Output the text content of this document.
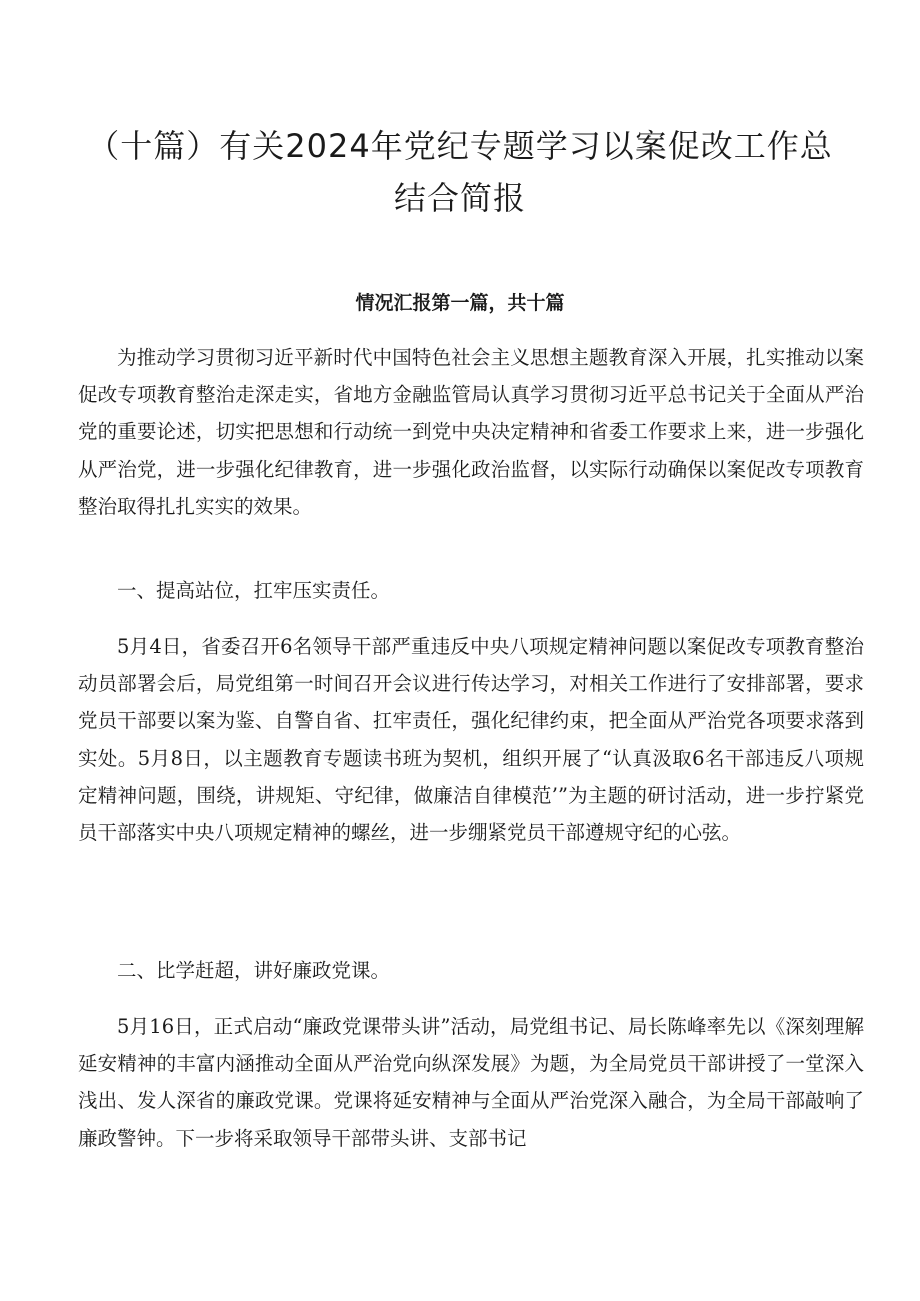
（十篇）有关2024年党纪专题学习以案促改工作总
结合简报
情况汇报第一篇，共十篇

为推动学习贯彻习近平新时代中国特色社会主义思想主题教育深入开展，扎实推动以案促改专项教育整治走深走实，省地方金融监管局认真学习贯彻习近平总书记关于全面从严治党的重要论述，切实把思想和行动统一到党中央决定精神和省委工作要求上来，进一步强化从严治党，进一步强化纪律教育，进一步强化政治监督，以实际行动确保以案促改专项教育整治取得扎扎实实的效果。

一、提高站位，扛牢压实责任。

5月4日，省委召开6名领导干部严重违反中央八项规定精神问题以案促改专项教育整治动员部署会后，局党组第一时间召开会议进行传达学习，对相关工作进行了安排部署，要求党员干部要以案为鉴、自警自省、扛牢责任，强化纪律约束，把全面从严治党各项要求落到实处。5月8日，以主题教育专题读书班为契机，组织开展了“认真汲取6名干部违反八项规定精神问题，围绕，讲规矩、守纪律，做廉洁自律模范’”为主题的研讨活动，进一步拧紧党员干部落实中央八项规定精神的螺丝，进一步绷紧党员干部遵规守纪的心弦。

二、比学赶超，讲好廉政党课。

5月16日，正式启动“廉政党课带头讲”活动，局党组书记、局长陈峰率先以《深刻理解延安精神的丰富内涵推动全面从严治党向纵深发展》为题，为全局党员干部讲授了一堂深入浅出、发人深省的廉政党课。党课将延安精神与全面从严治党深入融合，为全局干部敲响了廉政警钟。下一步将采取领导干部带头讲、支部书记
